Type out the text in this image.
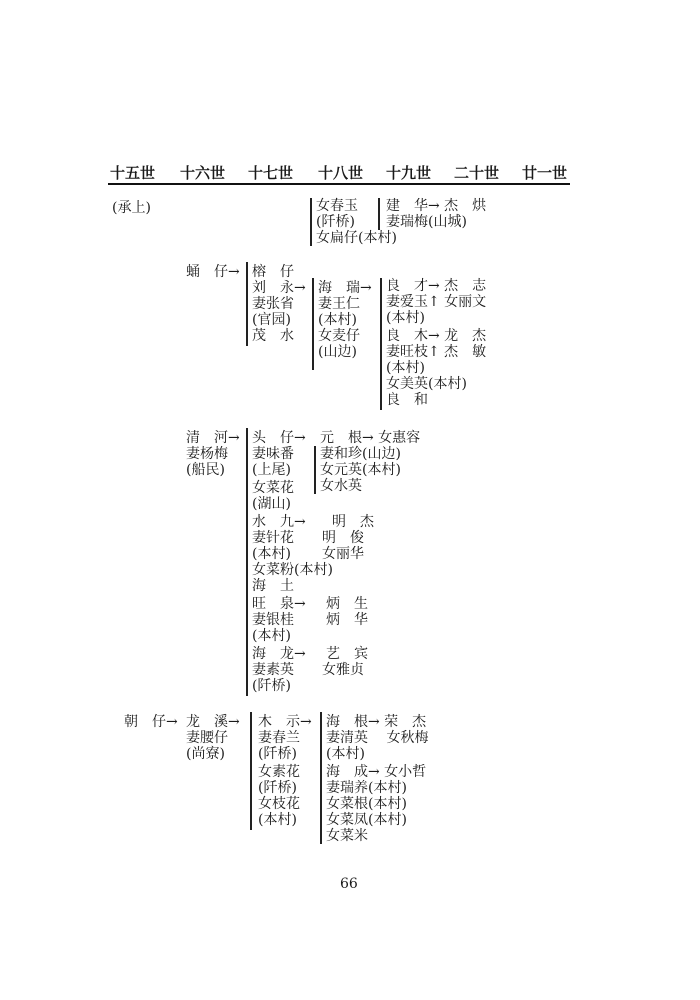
十五世 十六世 十七世 十八世 十九世 二十世 廿一世
(承上)	女春玉
(阡桥)
女扁仔(本村)
建　华→ 杰　烘
妻瑞梅(山城)
蛹　仔→ 榕　仔
刘　永→
妻张省
(官园)
茂　水
海　瑞→
妻王仁
(本村)
女麦仔
(山边)
良　才→ 杰　志
妻爱玉↑ 女丽文
(本村)
良　木→ 龙　杰
妻旺枝↑ 杰　敏
(本村)
女美英(本村)
良　和
清　河→
妻杨梅
(船民)
头　仔→
妻味番
(上尾)
女菜花
(湖山)
元　根→ 女惠容
妻和珍(山边)
女元英(本村)
女水英
水　九→
妻针花
(本村)
女菜粉(本村)
海　土
明　杰
明　俊
女丽华
旺　泉→
妻银桂
(本村)
炳　生
炳　华
海　龙→
妻素英
(阡桥)
艺　宾
女雅贞
朝　仔→ 龙　溪→
妻腰仔
(尚寮)
木　示→
妻春兰
(阡桥)
女素花
(阡桥)
女枝花
(本村)
海　根→ 荣　杰
妻清英　 女秋梅
(本村)
海　成→ 女小哲
妻瑞养(本村)
女菜根(本村)
女菜凤(本村)
女菜米
66
